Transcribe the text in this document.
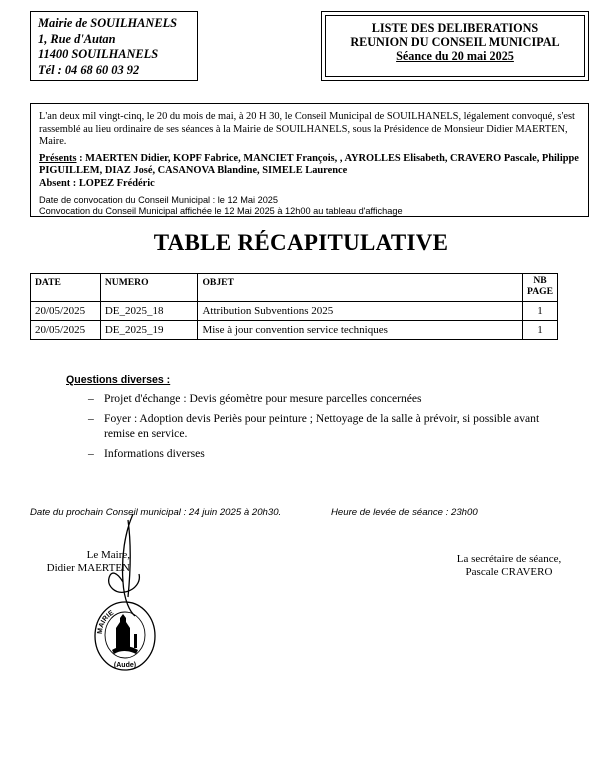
Mairie de SOUILHANELS
1, Rue d'Autan
11400 SOUILHANELS
Tél : 04 68 60 03 92
LISTE DES DELIBERATIONS
REUNION DU CONSEIL MUNICIPAL
Séance du 20 mai 2025

L'an deux mil vingt-cinq, le 20 du mois de mai, à 20 H 30, le Conseil Municipal de SOUILHANELS, légalement convoqué, s'est rassemblé au lieu ordinaire de ses séances à la Mairie de SOUILHANELS, sous la Présidence de Monsieur Didier MAERTEN, Maire.

Présents : MAERTEN Didier, KOPF Fabrice, MANCIET François, , AYROLLES Elisabeth, CRAVERO Pascale, Philippe PIGUILLEM, DIAZ José, CASANOVA Blandine, SIMELE Laurence

Absent : LOPEZ Frédéric

Date de convocation du Conseil Municipal : le 12 Mai 2025

Convocation du Conseil Municipal affichée le 12 Mai 2025 à 12h00 au tableau d'affichage

TABLE RÉCAPITULATIVE
DATE	NUMERO	OBJET	NB
PAGE
20/05/2025	DE_2025_18	Attribution Subventions 2025	1
20/05/2025	DE_2025_19	Mise à jour convention service techniques	1
Questions diverses :
– Projet d'échange : Devis géomètre pour mesure parcelles concernées
– Foyer : Adoption devis Periès pour peinture ; Nettoyage de la salle à prévoir, si possible avant remise en service.
– Informations diverses
Date du prochain Conseil municipal : 24 juin 2025 à 20h30.	Heure de levée de séance : 23h00
Le Maire,
Didier MAERTEN
La secrétaire de séance,
Pascale CRAVERO
MAIRIE
(Aude)
